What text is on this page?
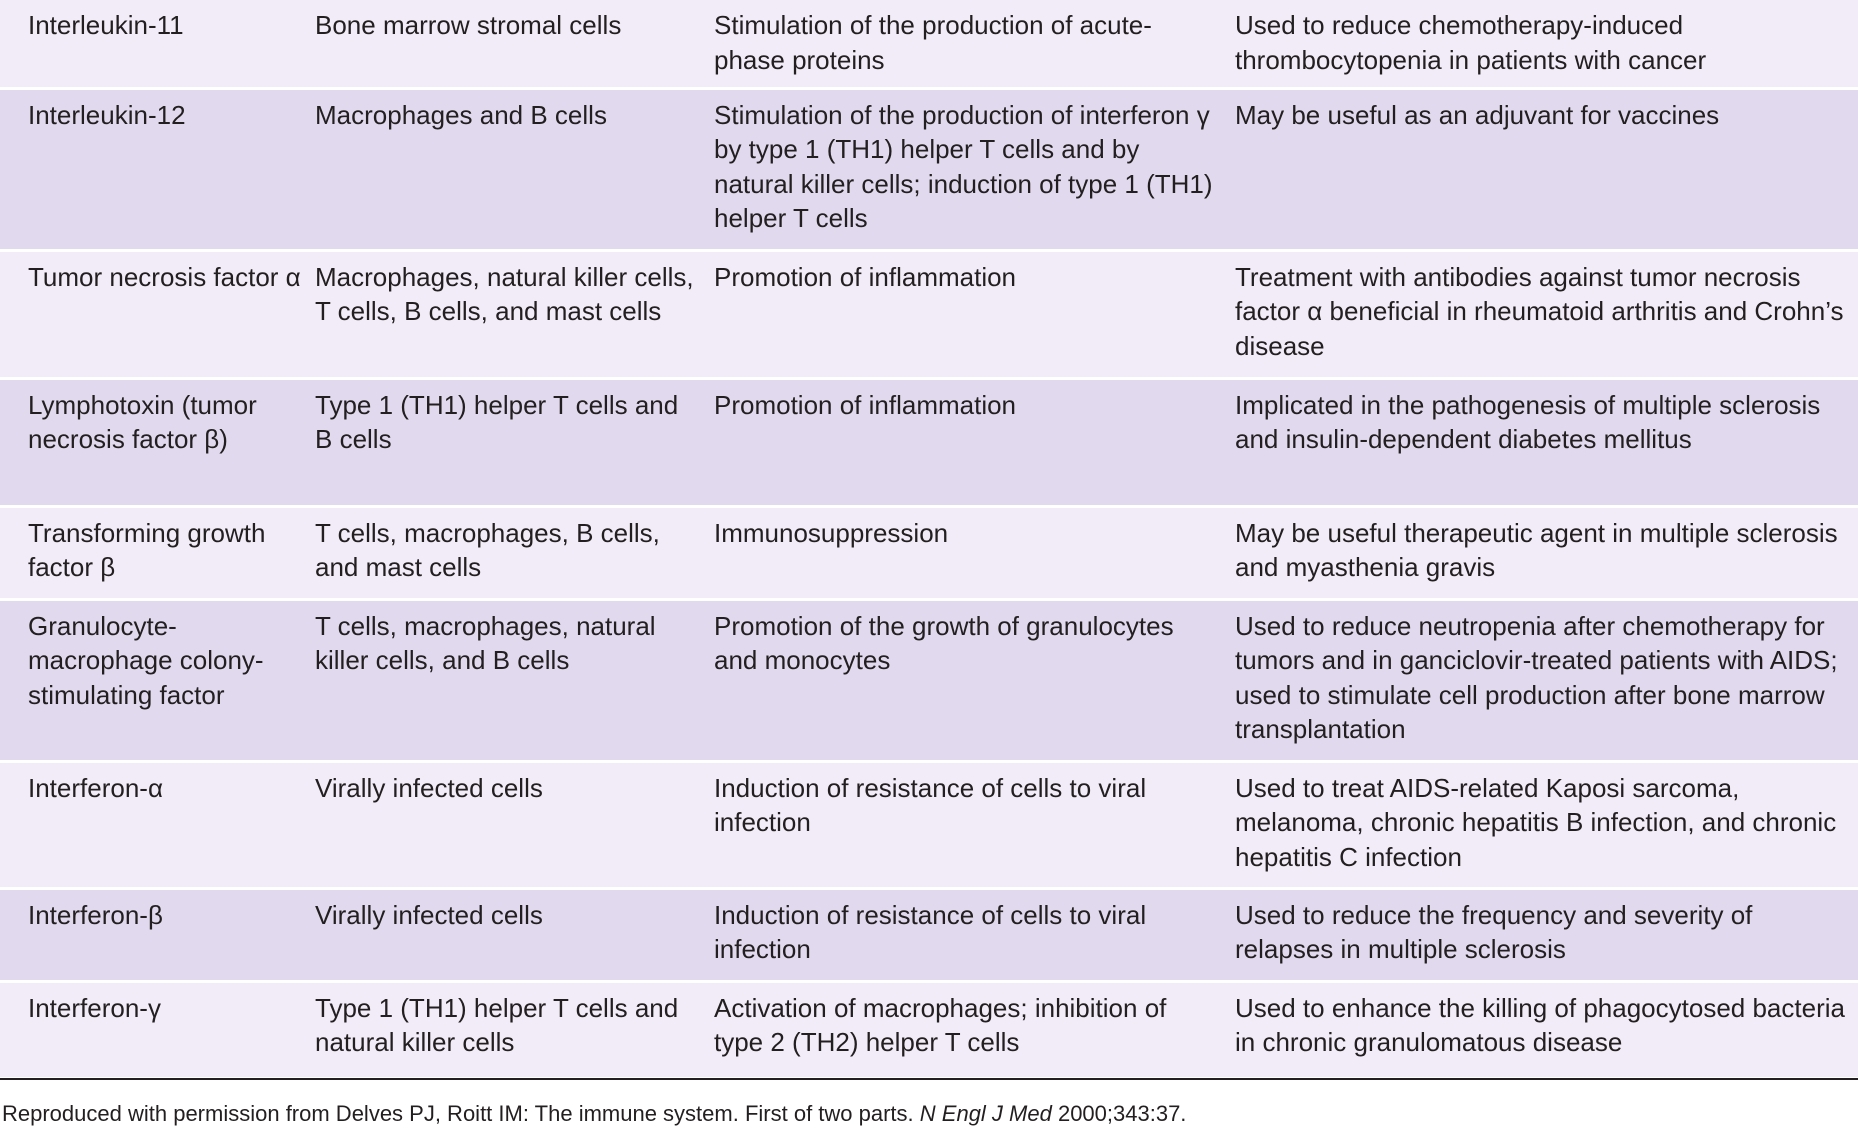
Interleukin-11	Bone marrow stromal cells	Stimulation of the production of acute-phase proteins	Used to reduce chemotherapy-induced thrombocytopenia in patients with cancer
Interleukin-12	Macrophages and B cells	Stimulation of the production of interferon γ by type 1 (TH1) helper T cells and by natural killer cells; induction of type 1 (TH1) helper T cells	May be useful as an adjuvant for vaccines
Tumor necrosis factor α	Macrophages, natural killer cells, T cells, B cells, and mast cells	Promotion of inflammation	Treatment with antibodies against tumor necrosis factor α beneficial in rheumatoid arthritis and Crohn’s disease
Lymphotoxin (tumor necrosis factor β)	Type 1 (TH1) helper T cells and B cells	Promotion of inflammation	Implicated in the pathogenesis of multiple sclerosis and insulin-dependent diabetes mellitus
Transforming growth factor β	T cells, macrophages, B cells, and mast cells	Immunosuppression	May be useful therapeutic agent in multiple sclerosis and myasthenia gravis
Granulocyte-macrophage colony-stimulating factor	T cells, macrophages, natural killer cells, and B cells	Promotion of the growth of granulocytes and monocytes	Used to reduce neutropenia after chemotherapy for tumors and in ganciclovir-treated patients with AIDS; used to stimulate cell production after bone marrow transplantation
Interferon-α	Virally infected cells	Induction of resistance of cells to viral infection	Used to treat AIDS-related Kaposi sarcoma, melanoma, chronic hepatitis B infection, and chronic hepatitis C infection
Interferon-β	Virally infected cells	Induction of resistance of cells to viral infection	Used to reduce the frequency and severity of relapses in multiple sclerosis
Interferon-γ	Type 1 (TH1) helper T cells and natural killer cells	Activation of macrophages; inhibition of type 2 (TH2) helper T cells	Used to enhance the killing of phagocytosed bacteria in chronic granulomatous disease
Reproduced with permission from Delves PJ, Roitt IM: The immune system. First of two parts. N Engl J Med 2000;343:37.
